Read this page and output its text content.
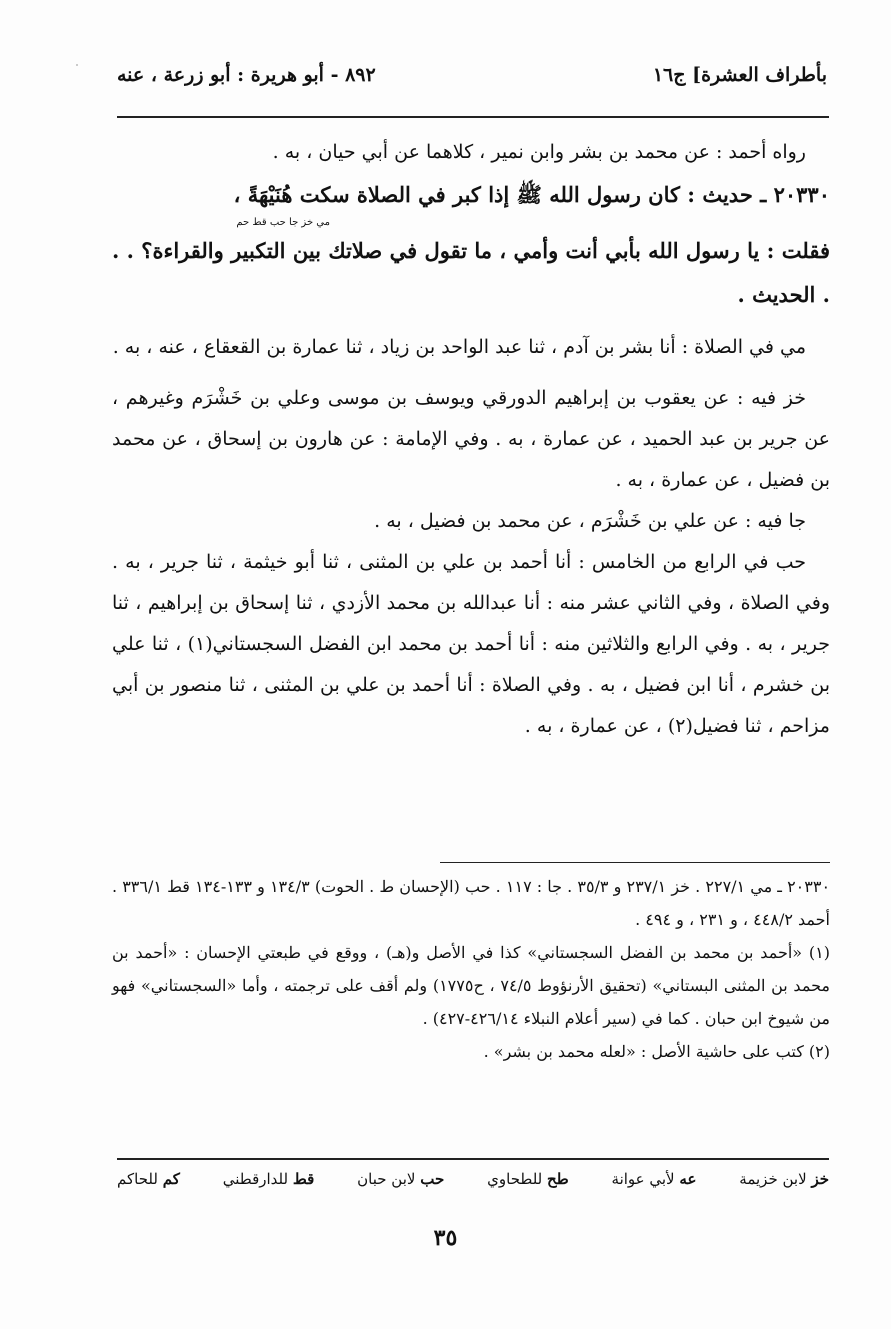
بأطراف العشرة] ج١٦
٨٩٢ - أبو هريرة : أبو زرعة ، عنه

رواه أحمد : عن محمد بن بشر وابن نمير ، كلاهما عن أبي حيان ، به .

٢٠٣٣٠ ـ حديث : كان رسول الله ﷺ إذا كبر في الصلاة سكت هُنَيْهَةً ،

مي خز جا حب قط حم

فقلت : يا رسول الله بأبي أنت وأمي ، ما تقول في صلاتك بين التكبير والقراءة؟ . . . الحديث .

مي في الصلاة : أنا بشر بن آدم ، ثنا عبد الواحد بن زياد ، ثنا عمارة بن القعقاع ، عنه ، به .

خز فيه : عن يعقوب بن إبراهيم الدورقي ويوسف بن موسى وعلي بن خَشْرَم وغيرهم ، عن جرير بن عبد الحميد ، عن عمارة ، به . وفي الإمامة : عن هارون بن إسحاق ، عن محمد بن فضيل ، عن عمارة ، به .

جا فيه : عن علي بن خَشْرَم ، عن محمد بن فضيل ، به .

حب في الرابع من الخامس : أنا أحمد بن علي بن المثنى ، ثنا أبو خيثمة ، ثنا جرير ، به . وفي الصلاة ، وفي الثاني عشر منه : أنا عبدالله بن محمد الأزدي ، ثنا إسحاق بن إبراهيم ، ثنا جرير ، به . وفي الرابع والثلاثين منه : أنا أحمد بن محمد ابن الفضل السجستاني(١) ، ثنا علي بن خشرم ، أنا ابن فضيل ، به . وفي الصلاة : أنا أحمد بن علي بن المثنى ، ثنا منصور بن أبي مزاحم ، ثنا فضيل(٢) ، عن عمارة ، به .

٢٠٣٣٠ ـ مي ٢٢٧/١ . خز ٢٣٧/١ و ٣٥/٣ . جا : ١١٧ . حب (الإحسان ط . الحوت) ١٣٤/٣ و ١٣٣-١٣٤ قط ٣٣٦/١ . أحمد ٤٤٨/٢ ، و ٢٣١ ، و ٤٩٤ .

(١) «أحمد بن محمد بن الفضل السجستاني» كذا في الأصل و(هـ) ، ووقع في طبعتي الإحسان : «أحمد بن محمد بن المثنى البستاني» (تحقيق الأرنؤوط ٧٤/٥ ، ح١٧٧٥) ولم أقف على ترجمته ، وأما «السجستاني» فهو من شيوخ ابن حبان . كما في (سير أعلام النبلاء ٤٢٦/١٤-٤٢٧) .

(٢) كتب على حاشية الأصل : «لعله محمد بن بشر» .

خز لابن خزيمة
عه لأبي عوانة
طح للطحاوي
حب لابن حبان
قط للدارقطني
كم للحاكم
٣٥
